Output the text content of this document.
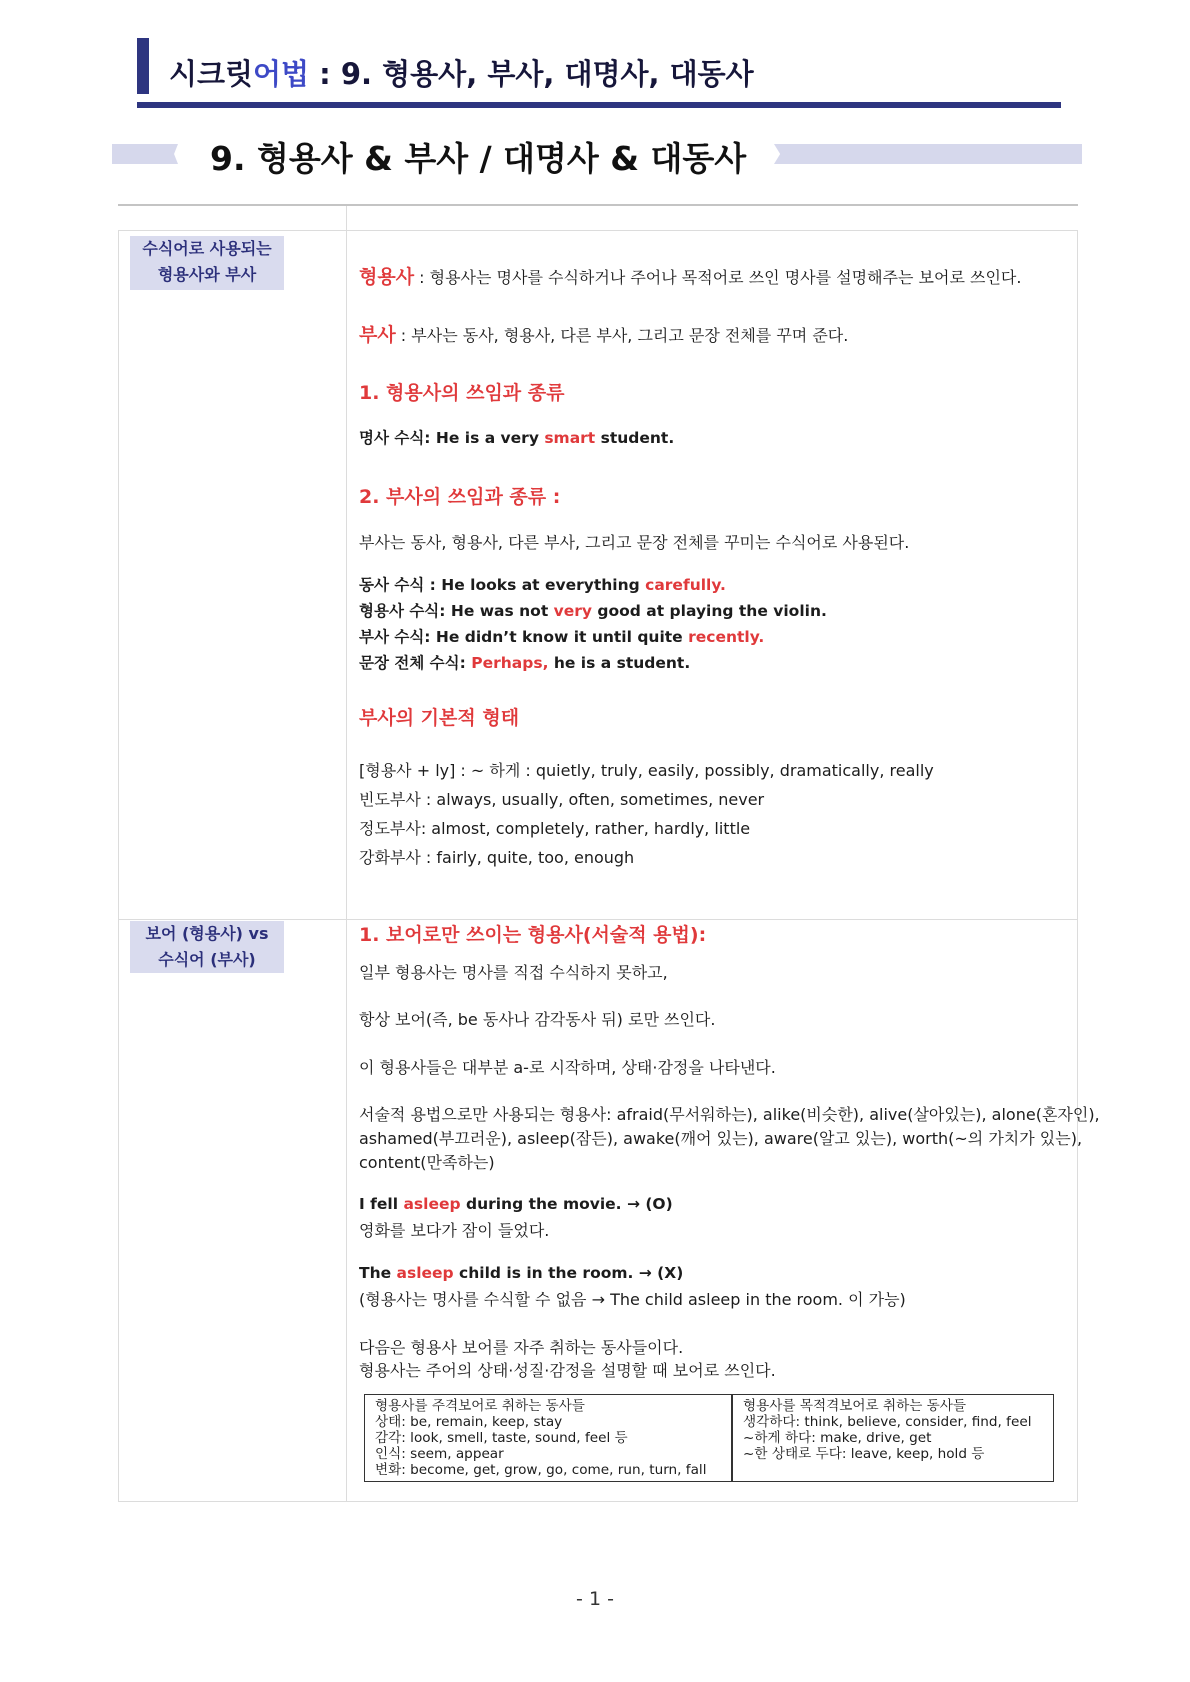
시크릿어법 : 9. 형용사, 부사, 대명사, 대동사
9. 형용사 & 부사 / 대명사 & 대동사
수식어로 사용되는
형용사와 부사	형용사 : 형용사는 명사를 수식하거나 주어나 목적어로 쓰인 명사를 설명해주는 보어로 쓰인다.
부사 : 부사는 동사, 형용사, 다른 부사, 그리고 문장 전체를 꾸며 준다.
1. 형용사의 쓰임과 종류
명사 수식: He is a very smart student.
2. 부사의 쓰임과 종류 :
부사는 동사, 형용사, 다른 부사, 그리고 문장 전체를 꾸미는 수식어로 사용된다.
동사 수식 : He looks at everything carefully.
형용사 수식: He was not very good at playing the violin.
부사 수식: He didn’t know it until quite recently.
문장 전체 수식: Perhaps, he is a student.
부사의 기본적 형태
[형용사 + ly] : ~ 하게 : quietly, truly, easily, possibly, dramatically, really
빈도부사 : always, usually, often, sometimes, never
정도부사: almost, completely, rather, hardly, little
강화부사 : fairly, quite, too, enough
보어 (형용사) vs
수식어 (부사)
1. 보어로만 쓰이는 형용사(서술적 용법):
일부 형용사는 명사를 직접 수식하지 못하고,
항상 보어(즉, be 동사나 감각동사 뒤) 로만 쓰인다.
이 형용사들은 대부분 a-로 시작하며, 상태·감정을 나타낸다.
서술적 용법으로만 사용되는 형용사: afraid(무서워하는), alike(비슷한), alive(살아있는), alone(혼자인),
ashamed(부끄러운), asleep(잠든), awake(깨어 있는), aware(알고 있는), worth(~의 가치가 있는),
content(만족하는)
I fell asleep during the movie. → (O)
영화를 보다가 잠이 들었다.
The asleep child is in the room. → (X)
(형용사는 명사를 수식할 수 없음 → The child asleep in the room. 이 가능)
다음은 형용사 보어를 자주 취하는 동사들이다.
형용사는 주어의 상태·성질·감정을 설명할 때 보어로 쓰인다.
형용사를 주격보어로 취하는 동사들
상태: be, remain, keep, stay
감각: look, smell, taste, sound, feel 등
인식: seem, appear
변화: become, get, grow, go, come, run, turn, fall
형용사를 목적격보어로 취하는 동사들
생각하다: think, believe, consider, find, feel
~하게 하다: make, drive, get
~한 상태로 두다: leave, keep, hold 등
- 1 -
